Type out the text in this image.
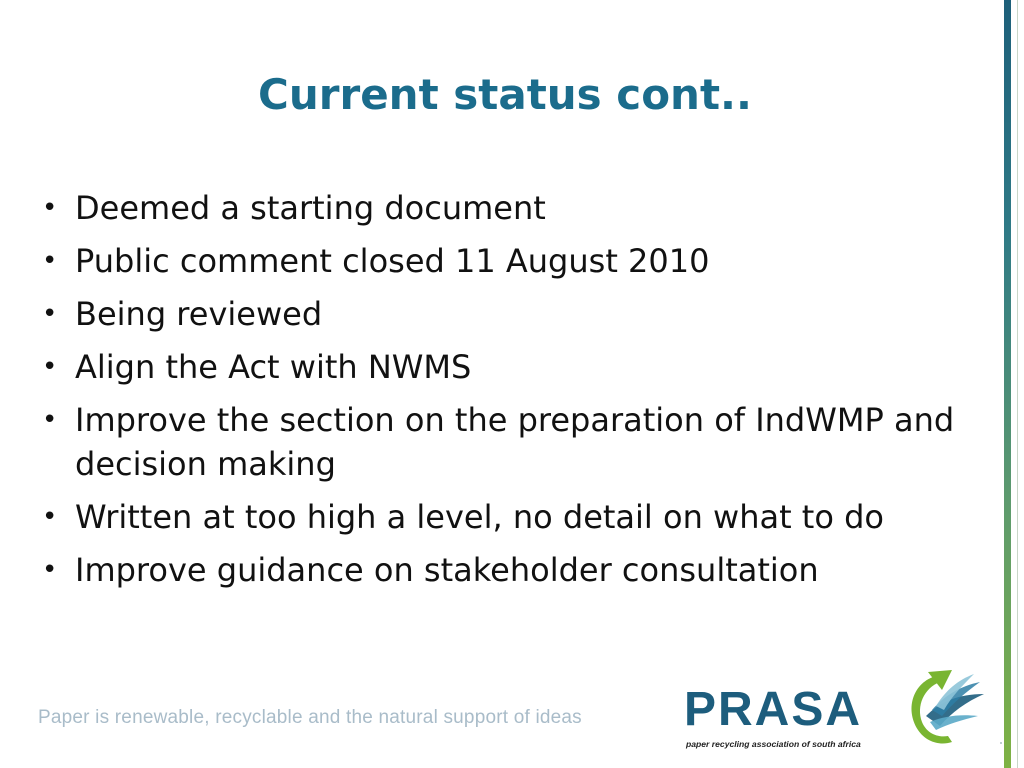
Current status cont..
• Deemed a starting document
• Public comment closed 11 August 2010
• Being reviewed
• Align the Act with NWMS
• Improve the section on the preparation of IndWMP and decision making
• Written at too high a level, no detail on what to do
• Improve guidance on stakeholder consultation
Paper is renewable, recyclable and the natural support of ideas PRASA
paper recycling association of south africa
